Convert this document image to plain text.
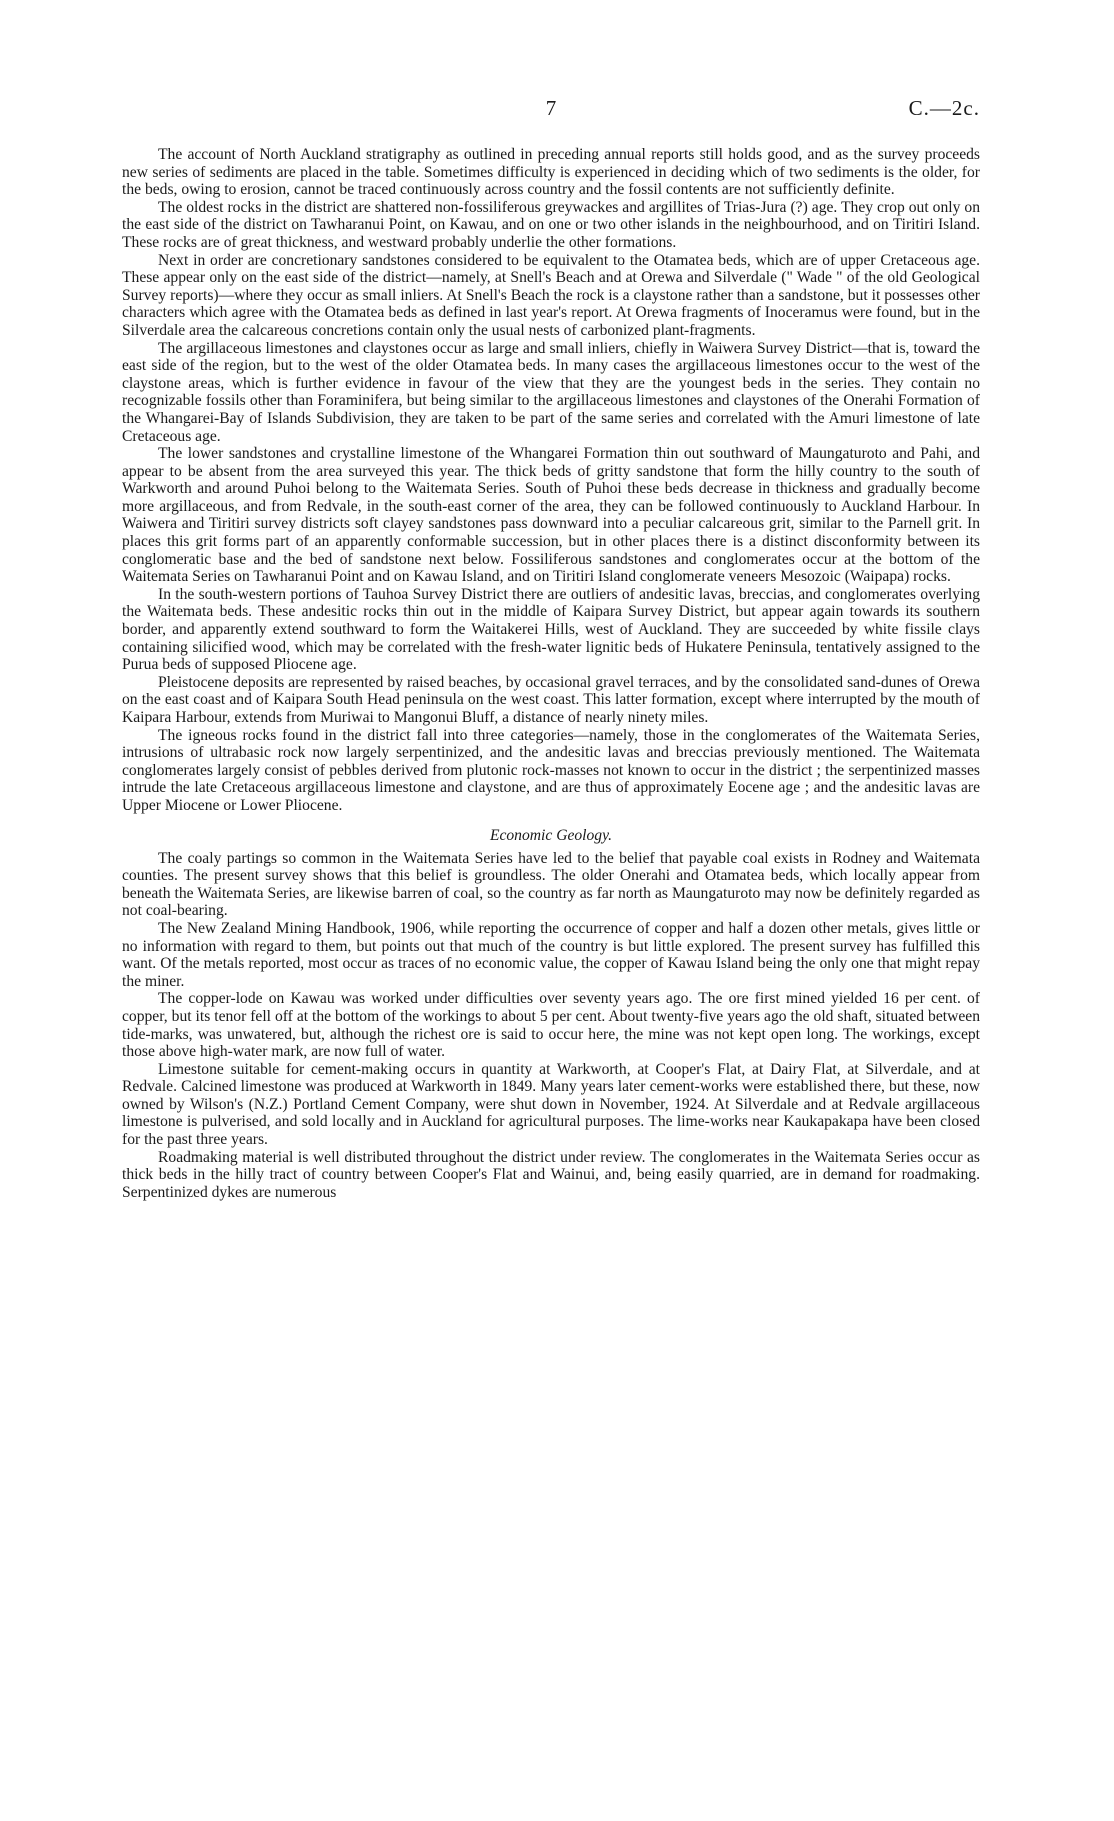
7	C.—2c.

The account of North Auckland stratigraphy as outlined in preceding annual reports still holds good, and as the survey proceeds new series of sediments are placed in the table. Sometimes difficulty is experienced in deciding which of two sediments is the older, for the beds, owing to erosion, cannot be traced continuously across country and the fossil contents are not sufficiently definite.

The oldest rocks in the district are shattered non-fossiliferous greywackes and argillites of Trias-Jura (?) age. They crop out only on the east side of the district on Tawharanui Point, on Kawau, and on one or two other islands in the neighbourhood, and on Tiritiri Island. These rocks are of great thickness, and westward probably underlie the other formations.

Next in order are concretionary sandstones considered to be equivalent to the Otamatea beds, which are of upper Cretaceous age. These appear only on the east side of the district—namely, at Snell's Beach and at Orewa and Silverdale (" Wade " of the old Geological Survey reports)—where they occur as small inliers. At Snell's Beach the rock is a claystone rather than a sandstone, but it possesses other characters which agree with the Otamatea beds as defined in last year's report. At Orewa fragments of Inoceramus were found, but in the Silverdale area the calcareous concretions contain only the usual nests of carbonized plant-fragments.

The argillaceous limestones and claystones occur as large and small inliers, chiefly in Waiwera Survey District—that is, toward the east side of the region, but to the west of the older Otamatea beds. In many cases the argillaceous limestones occur to the west of the claystone areas, which is further evidence in favour of the view that they are the youngest beds in the series. They contain no recognizable fossils other than Foraminifera, but being similar to the argillaceous limestones and claystones of the Onerahi Formation of the Whangarei-Bay of Islands Subdivision, they are taken to be part of the same series and correlated with the Amuri limestone of late Cretaceous age.

The lower sandstones and crystalline limestone of the Whangarei Formation thin out southward of Maungaturoto and Pahi, and appear to be absent from the area surveyed this year. The thick beds of gritty sandstone that form the hilly country to the south of Warkworth and around Puhoi belong to the Waitemata Series. South of Puhoi these beds decrease in thickness and gradually become more argillaceous, and from Redvale, in the south-east corner of the area, they can be followed continuously to Auckland Harbour. In Waiwera and Tiritiri survey districts soft clayey sandstones pass downward into a peculiar calcareous grit, similar to the Parnell grit. In places this grit forms part of an apparently conformable succession, but in other places there is a distinct disconformity between its conglomeratic base and the bed of sandstone next below. Fossiliferous sandstones and conglomerates occur at the bottom of the Waitemata Series on Tawharanui Point and on Kawau Island, and on Tiritiri Island conglomerate veneers Mesozoic (Waipapa) rocks.

In the south-western portions of Tauhoa Survey District there are outliers of andesitic lavas, breccias, and conglomerates overlying the Waitemata beds. These andesitic rocks thin out in the middle of Kaipara Survey District, but appear again towards its southern border, and apparently extend southward to form the Waitakerei Hills, west of Auckland. They are succeeded by white fissile clays containing silicified wood, which may be correlated with the fresh-water lignitic beds of Hukatere Peninsula, tentatively assigned to the Purua beds of supposed Pliocene age.

Pleistocene deposits are represented by raised beaches, by occasional gravel terraces, and by the consolidated sand-dunes of Orewa on the east coast and of Kaipara South Head peninsula on the west coast. This latter formation, except where interrupted by the mouth of Kaipara Harbour, extends from Muriwai to Mangonui Bluff, a distance of nearly ninety miles.

The igneous rocks found in the district fall into three categories—namely, those in the conglomerates of the Waitemata Series, intrusions of ultrabasic rock now largely serpentinized, and the andesitic lavas and breccias previously mentioned. The Waitemata conglomerates largely consist of pebbles derived from plutonic rock-masses not known to occur in the district ; the serpentinized masses intrude the late Cretaceous argillaceous limestone and claystone, and are thus of approximately Eocene age ; and the andesitic lavas are Upper Miocene or Lower Pliocene.

Economic Geology.

The coaly partings so common in the Waitemata Series have led to the belief that payable coal exists in Rodney and Waitemata counties. The present survey shows that this belief is groundless. The older Onerahi and Otamatea beds, which locally appear from beneath the Waitemata Series, are likewise barren of coal, so the country as far north as Maungaturoto may now be definitely regarded as not coal-bearing.

The New Zealand Mining Handbook, 1906, while reporting the occurrence of copper and half a dozen other metals, gives little or no information with regard to them, but points out that much of the country is but little explored. The present survey has fulfilled this want. Of the metals reported, most occur as traces of no economic value, the copper of Kawau Island being the only one that might repay the miner.

The copper-lode on Kawau was worked under difficulties over seventy years ago. The ore first mined yielded 16 per cent. of copper, but its tenor fell off at the bottom of the workings to about 5 per cent. About twenty-five years ago the old shaft, situated between tide-marks, was unwatered, but, although the richest ore is said to occur here, the mine was not kept open long. The workings, except those above high-water mark, are now full of water.

Limestone suitable for cement-making occurs in quantity at Warkworth, at Cooper's Flat, at Dairy Flat, at Silverdale, and at Redvale. Calcined limestone was produced at Warkworth in 1849. Many years later cement-works were established there, but these, now owned by Wilson's (N.Z.) Portland Cement Company, were shut down in November, 1924. At Silverdale and at Redvale argillaceous limestone is pulverised, and sold locally and in Auckland for agricultural purposes. The lime-works near Kaukapakapa have been closed for the past three years.

Roadmaking material is well distributed throughout the district under review. The conglomerates in the Waitemata Series occur as thick beds in the hilly tract of country between Cooper's Flat and Wainui, and, being easily quarried, are in demand for roadmaking. Serpentinized dykes are numerous
